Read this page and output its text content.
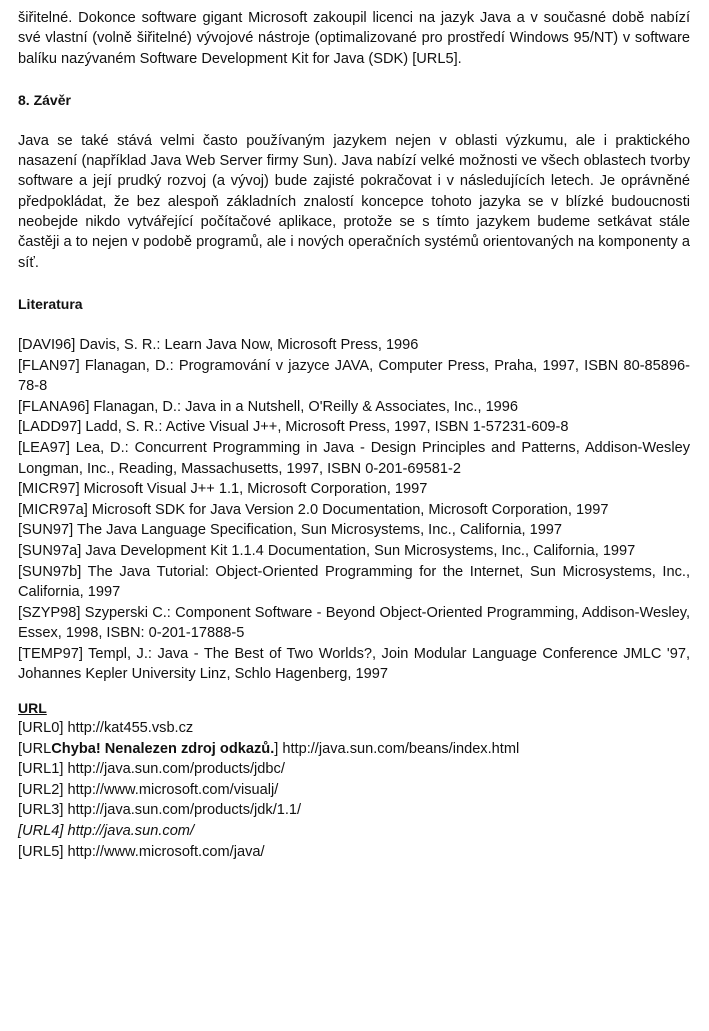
šiřitelné. Dokonce software gigant Microsoft zakoupil licenci na jazyk Java a v současné době nabízí své vlastní (volně šiřitelné) vývojové nástroje (optimalizované pro prostředí Windows 95/NT) v software balíku nazývaném Software Development Kit for Java (SDK) [URL5].

8. Závěr

Java se také stává velmi často používaným jazykem nejen v oblasti výzkumu, ale i praktického nasazení (například Java Web Server firmy Sun). Java nabízí velké možnosti ve všech oblastech tvorby software a její prudký rozvoj (a vývoj) bude zajisté pokračovat i v následujících letech. Je oprávněné předpokládat, že bez alespoň základních znalostí koncepce tohoto jazyka se v blízké budoucnosti neobejde nikdo vytvářející počítačové aplikace, protože se s tímto jazykem budeme setkávat stále častěji a to nejen v podobě programů, ale i nových operačních systémů orientovaných na komponenty a síť.

Literatura

[DAVI96] Davis, S. R.: Learn Java Now, Microsoft Press, 1996

[FLAN97] Flanagan, D.: Programování v jazyce JAVA, Computer Press, Praha, 1997, ISBN 80-85896-78-8

[FLANA96] Flanagan, D.: Java in a Nutshell, O'Reilly & Associates, Inc., 1996

[LADD97] Ladd, S. R.: Active Visual J++, Microsoft Press, 1997, ISBN 1-57231-609-8

[LEA97] Lea, D.: Concurrent Programming in Java - Design Principles and Patterns, Addison-Wesley Longman, Inc., Reading, Massachusetts, 1997, ISBN 0-201-69581-2

[MICR97] Microsoft Visual J++ 1.1, Microsoft Corporation, 1997

[MICR97a] Microsoft SDK for Java Version 2.0 Documentation, Microsoft Corporation, 1997

[SUN97] The Java Language Specification, Sun Microsystems, Inc., California, 1997

[SUN97a] Java Development Kit 1.1.4 Documentation, Sun Microsystems, Inc., California, 1997

[SUN97b] The Java Tutorial: Object-Oriented Programming for the Internet, Sun Microsystems, Inc., California, 1997

[SZYP98] Szyperski C.: Component Software - Beyond Object-Oriented Programming, Addison-Wesley, Essex, 1998, ISBN: 0-201-17888-5

[TEMP97] Templ, J.: Java - The Best of Two Worlds?, Join Modular Language Conference JMLC '97, Johannes Kepler University Linz, Schlo Hagenberg, 1997

URL

[URL0] http://kat455.vsb.cz

[URLChybа! Nenalezen zdroj odkazů.] http://java.sun.com/beans/index.html

[URL1] http://java.sun.com/products/jdbc/

[URL2] http://www.microsoft.com/visualj/

[URL3] http://java.sun.com/products/jdk/1.1/

[URL4] http://java.sun.com/

[URL5] http://www.microsoft.com/java/
